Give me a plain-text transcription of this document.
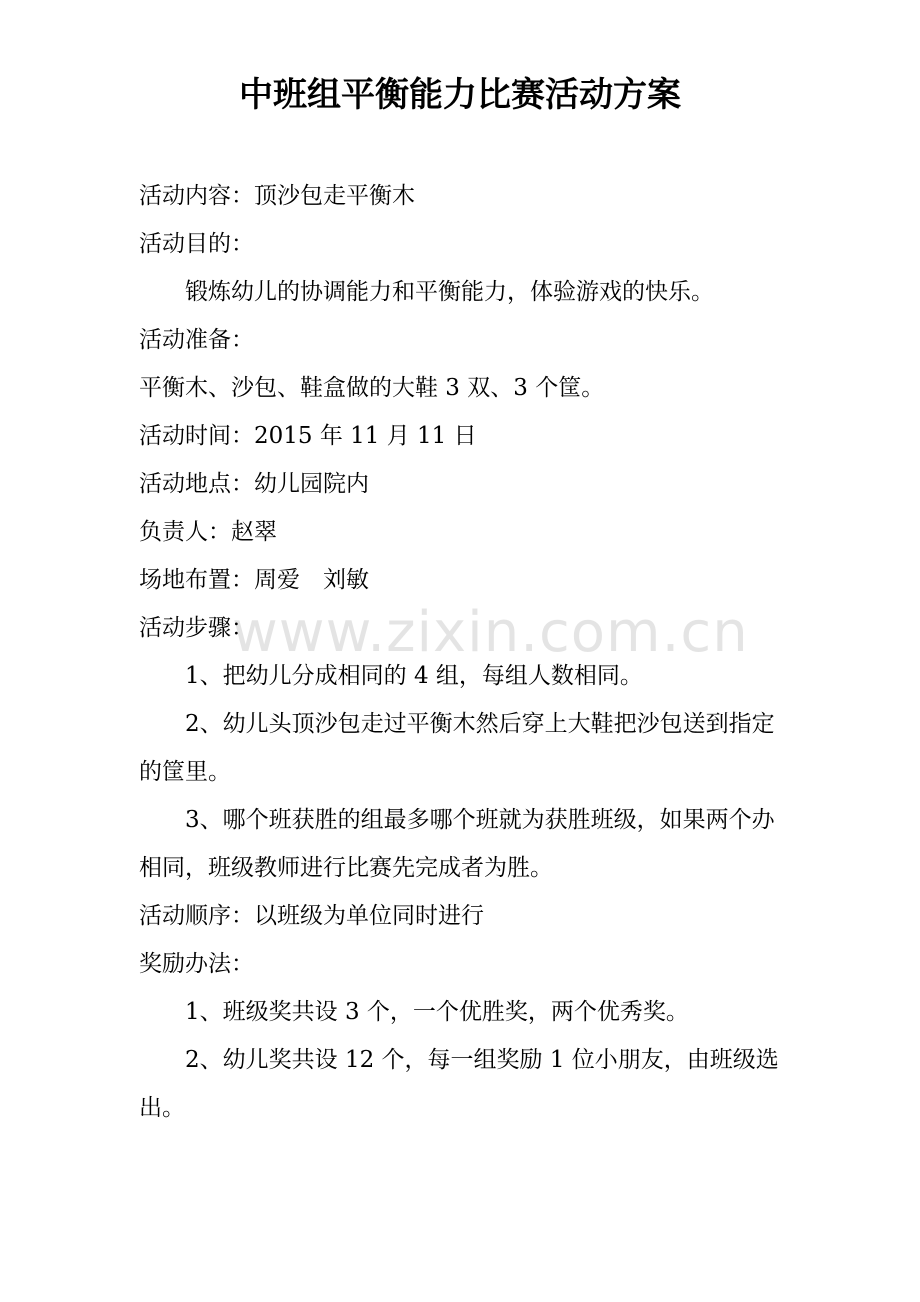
中班组平衡能力比赛活动方案

活动内容：顶沙包走平衡木

活动目的：

锻炼幼儿的协调能力和平衡能力，体验游戏的快乐。

活动准备：

平衡木、沙包、鞋盒做的大鞋 3 双、3 个筐。

活动时间：2015 年 11 月 11 日

活动地点：幼儿园院内

负责人：赵翠

场地布置：周爱　刘敏

活动步骤：

1、把幼儿分成相同的 4 组，每组人数相同。

2、幼儿头顶沙包走过平衡木然后穿上大鞋把沙包送到指定的筐里。

3、哪个班获胜的组最多哪个班就为获胜班级，如果两个办相同，班级教师进行比赛先完成者为胜。

活动顺序：以班级为单位同时进行

奖励办法：

1、班级奖共设 3 个，一个优胜奖，两个优秀奖。

2、幼儿奖共设 12 个，每一组奖励 1 位小朋友，由班级选出。

www.zixin.com.cn
